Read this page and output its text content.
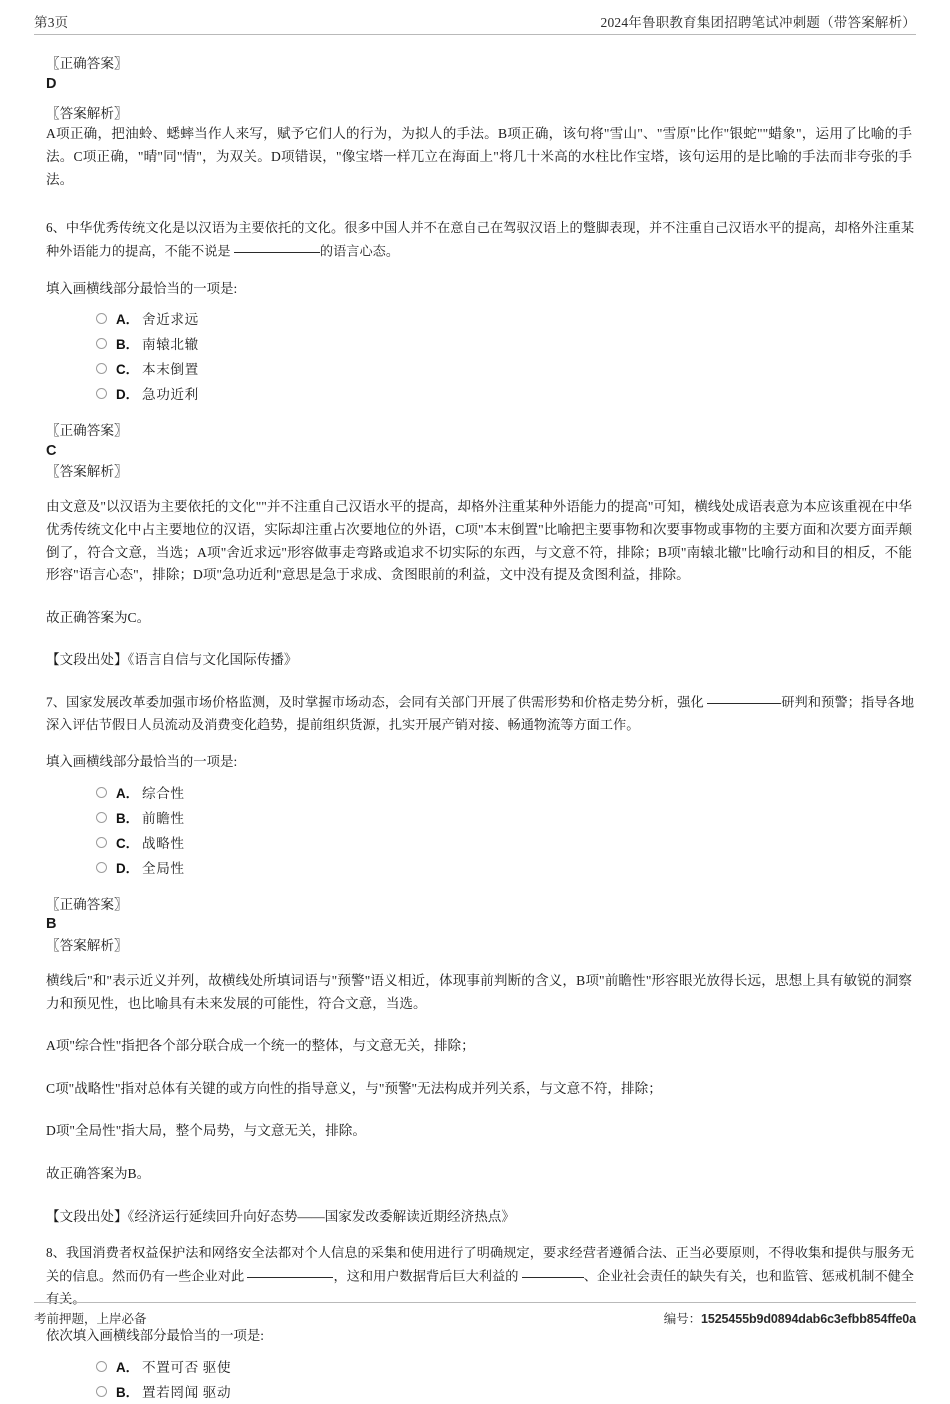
第3页	2024年鲁职教育集团招聘笔试冲刺题（带答案解析）

〖正确答案〗

D

〖答案解析〗

A项正确，把油蛉、蟋蟀当作人来写，赋予它们人的行为，为拟人的手法。B项正确，该句将"雪山"、"雪原"比作"银蛇""蜡象"，运用了比喻的手法。C项正确，"晴"同"情"，为双关。D项错误，"像宝塔一样兀立在海面上"将几十米高的水柱比作宝塔，该句运用的是比喻的手法而非夸张的手法。

6、中华优秀传统文化是以汉语为主要依托的文化。很多中国人并不在意自己在驾驭汉语上的蹩脚表现，并不注重自己汉语水平的提高，却格外注重某种外语能力的提高，不能不说是	的语言心态。

填入画横线部分最恰当的一项是:

A． 舍近求远
B． 南辕北辙
C． 本末倒置
D． 急功近利

〖正确答案〗

C

〖答案解析〗

由文意及"以汉语为主要依托的文化""并不注重自己汉语水平的提高，却格外注重某种外语能力的提高"可知，横线处成语表意为本应该重视在中华优秀传统文化中占主要地位的汉语，实际却注重占次要地位的外语，C项"本末倒置"比喻把主要事物和次要事物或事物的主要方面和次要方面弄颠倒了，符合文意，当选；A项"舍近求远"形容做事走弯路或追求不切实际的东西，与文意不符，排除；B项"南辕北辙"比喻行动和目的相反，不能形容"语言心态"，排除；D项"急功近利"意思是急于求成、贪图眼前的利益，文中没有提及贪图利益，排除。

故正确答案为C。

【文段出处】《语言自信与文化国际传播》

7、国家发展改革委加强市场价格监测，及时掌握市场动态，会同有关部门开展了供需形势和价格走势分析，强化	研判和预警；指导各地深入评估节假日人员流动及消费变化趋势，提前组织货源，扎实开展产销对接、畅通物流等方面工作。

填入画横线部分最恰当的一项是:

A． 综合性
B． 前瞻性
C． 战略性
D． 全局性

〖正确答案〗

B

〖答案解析〗

横线后"和"表示近义并列，故横线处所填词语与"预警"语义相近，体现事前判断的含义，B项"前瞻性"形容眼光放得长远，思想上具有敏锐的洞察力和预见性，也比喻具有未来发展的可能性，符合文意，当选。

A项"综合性"指把各个部分联合成一个统一的整体，与文意无关，排除；

C项"战略性"指对总体有关键的或方向性的指导意义，与"预警"无法构成并列关系，与文意不符，排除；

D项"全局性"指大局，整个局势，与文意无关，排除。

故正确答案为B。

【文段出处】《经济运行延续回升向好态势——国家发改委解读近期经济热点》

8、我国消费者权益保护法和网络安全法都对个人信息的采集和使用进行了明确规定，要求经营者遵循合法、正当必要原则，不得收集和提供与服务无关的信息。然而仍有一些企业对此	，这和用户数据背后巨大利益的	、企业社会责任的缺失有关，也和监管、惩戒机制不健全有关。

依次填入画横线部分最恰当的一项是:

A． 不置可否 驱使
B． 置若罔闻 驱动
考前押题，上岸必备	编号：1525455b9d0894dab6c3efbb854ffe0a
